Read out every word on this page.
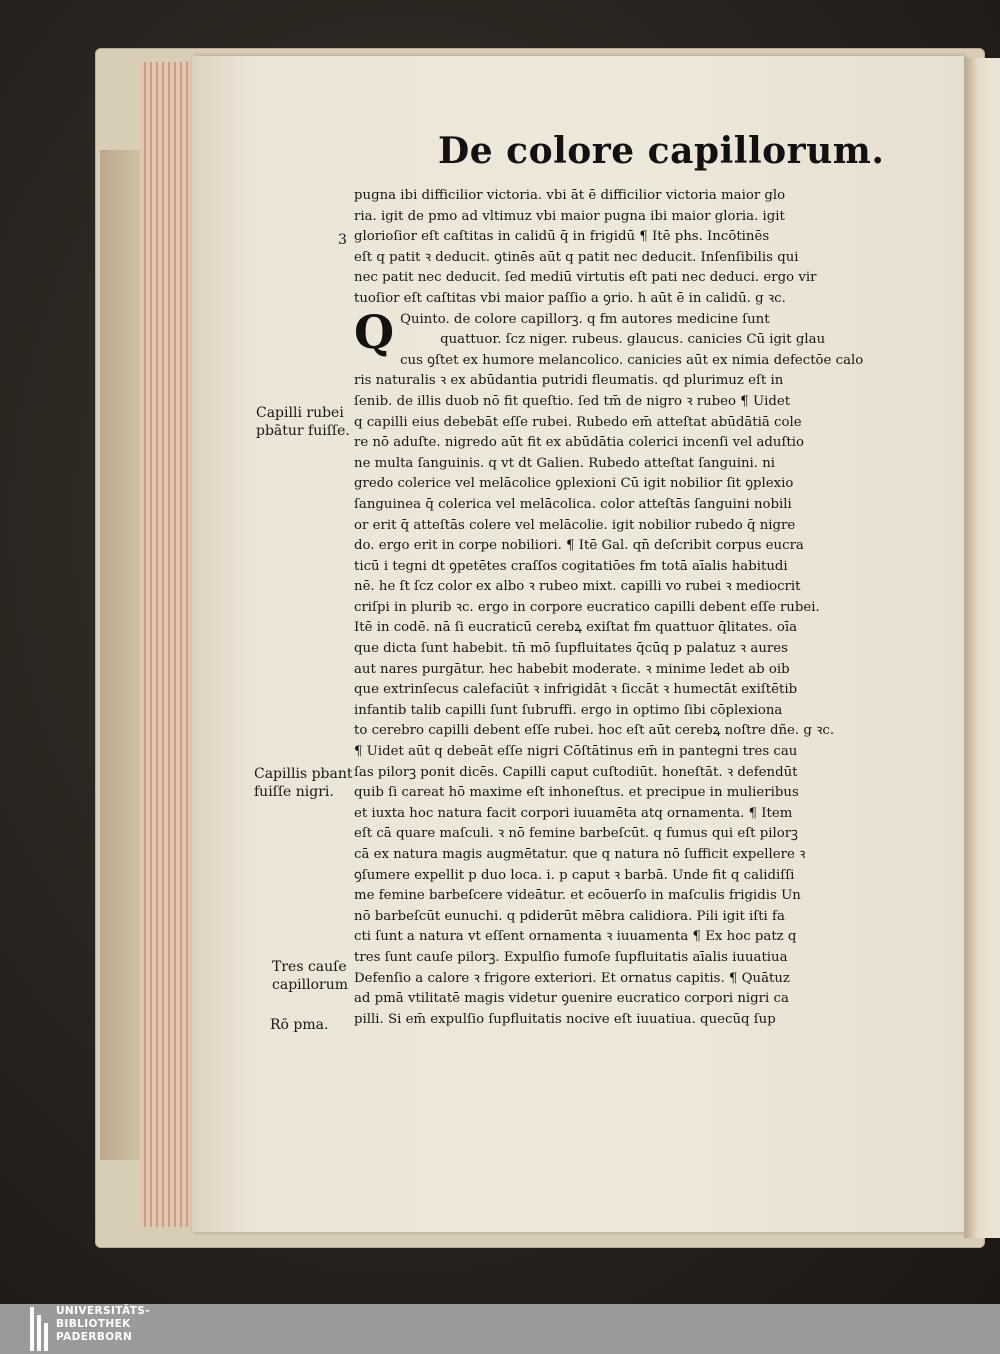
De colore capillorum.
3
pugna ibi difficilior victoria. vbi āt ē difficilior victoria maior glo
ria. igit de pmo ad vltimuz vbi maior pugna ibi maior gloria. igit
glorioſior eſt caſtitas in calidū q̄ in frigidū ¶ Itē phs. Incōtinēs
eſt q patit ꝛ deducit. ꝯtinēs aūt q patit nec deducit. Inſenſibilis qui
nec patit nec deducit. ſed mediū virtutis eſt pati nec deduci. ergo vir
tuoſior eſt caſtitas vbi maior paſſio a ꝯrio. h aūt ē in calidū. g ꝛc.
Q Quinto. de colore capillorꝫ. q fm autores medicine ſunt
quattuor. ſcz niger. rubeus. glaucus. canicies Cū igit glau
cus ꝯſtet ex humore melancolico. canicies aūt ex nimia defectōe calo
ris naturalis ꝛ ex abūdantia putridi fleumatis. qd plurimuz eſt in
ſenib. de illis duob nō fit queſtio. ſed tm̄ de nigro ꝛ rubeo ¶ Uidet
q capilli eius debebāt eſſe rubei. Rubedo em̄ atteſtat abūdātiā cole
re nō aduſte. nigredo aūt fit ex abūdātia colerici incenſi vel aduſtio
ne multa ſanguinis. q vt dt Galien. Rubedo atteſtat ſanguini. ni
gredo colerice vel melācolice ꝯplexioni Cū igit nobilior ſit ꝯplexio
ſanguinea q̄ colerica vel melācolica. color atteſtās ſanguini nobili
or erit q̄ atteſtās colere vel melācolie. igit nobilior rubedo q̄ nigre
do. ergo erit in corpe nobiliori. ¶ Itē Gal. qn̄ deſcribit corpus eucra
ticū i tegni dt ꝯpetētes craſſos cogitatiōes fm totā aīalis habitudi
nē. he ſt ſcz color ex albo ꝛ rubeo mixt. capilli vo rubei ꝛ mediocrit
criſpi in plurib ꝛc. ergo in corpore eucratico capilli debent eſſe rubei.
Itē in codē. nā ſi eucraticū cerebꝝ exiſtat fm quattuor q̄litates. oīa
que dicta ſunt habebit. tn̄ mō ſupfluitates q̄cūq p palatuz ꝛ aures
aut nares purgātur. hec habebit moderate. ꝛ minime ledet ab oib
que extrinſecus calefaciūt ꝛ infrigidāt ꝛ ſiccāt ꝛ humectāt exiſtētib
infantib talib capilli ſunt ſubruffi. ergo in optimo ſibi cōplexiona
to cerebro capilli debent eſſe rubei. hoc eſt aūt cerebꝝ noſtre dñe. g ꝛc.
¶ Uidet aūt q debeāt eſſe nigri Cōſtātinus em̄ in pantegni tres cau
ſas pilorꝫ ponit dicēs. Capilli caput cuſtodiūt. honeſtāt. ꝛ defendūt
quib ſi careat hō maxime eſt inhoneſtus. et precipue in mulieribus
et iuxta hoc natura facit corpori iuuamēta atq ornamenta. ¶ Item
eſt cā quare maſculi. ꝛ nō femine barbeſcūt. q fumus qui eſt pilorꝫ
cā ex natura magis augmētatur. que q natura nō ſufficit expellere ꝛ
ꝯſumere expellit p duo loca. i. p caput ꝛ barbā. Unde fit q calidiſſi
me femine barbeſcere videātur. et ecōuerſo in maſculis frigidis Un
nō barbeſcūt eunuchi. q pdiderūt mēbra calidiora. Pili igit iſti fa
cti ſunt a natura vt eſſent ornamenta ꝛ iuuamenta ¶ Ex hoc patz q
tres ſunt cauſe pilorꝫ. Expulſio fumoſe ſupfluitatis aīalis iuuatiua
Defenſio a calore ꝛ frigore exteriori. Et ornatus capitis. ¶ Quātuz
ad pmā vtilitatē magis videtur ꝯuenire eucratico corpori nigri ca
pilli. Si em̄ expulſio ſupfluitatis nocive eſt iuuatiua. quecūq ſup
Capilli rubei
pbātur fuiſſe.
Capillis pbant
fuiſſe nigri.
Tres cauſe
capillorum
Rō pma.
UNIVERSITÄTS-
BIBLIOTHEK
PADERBORN
